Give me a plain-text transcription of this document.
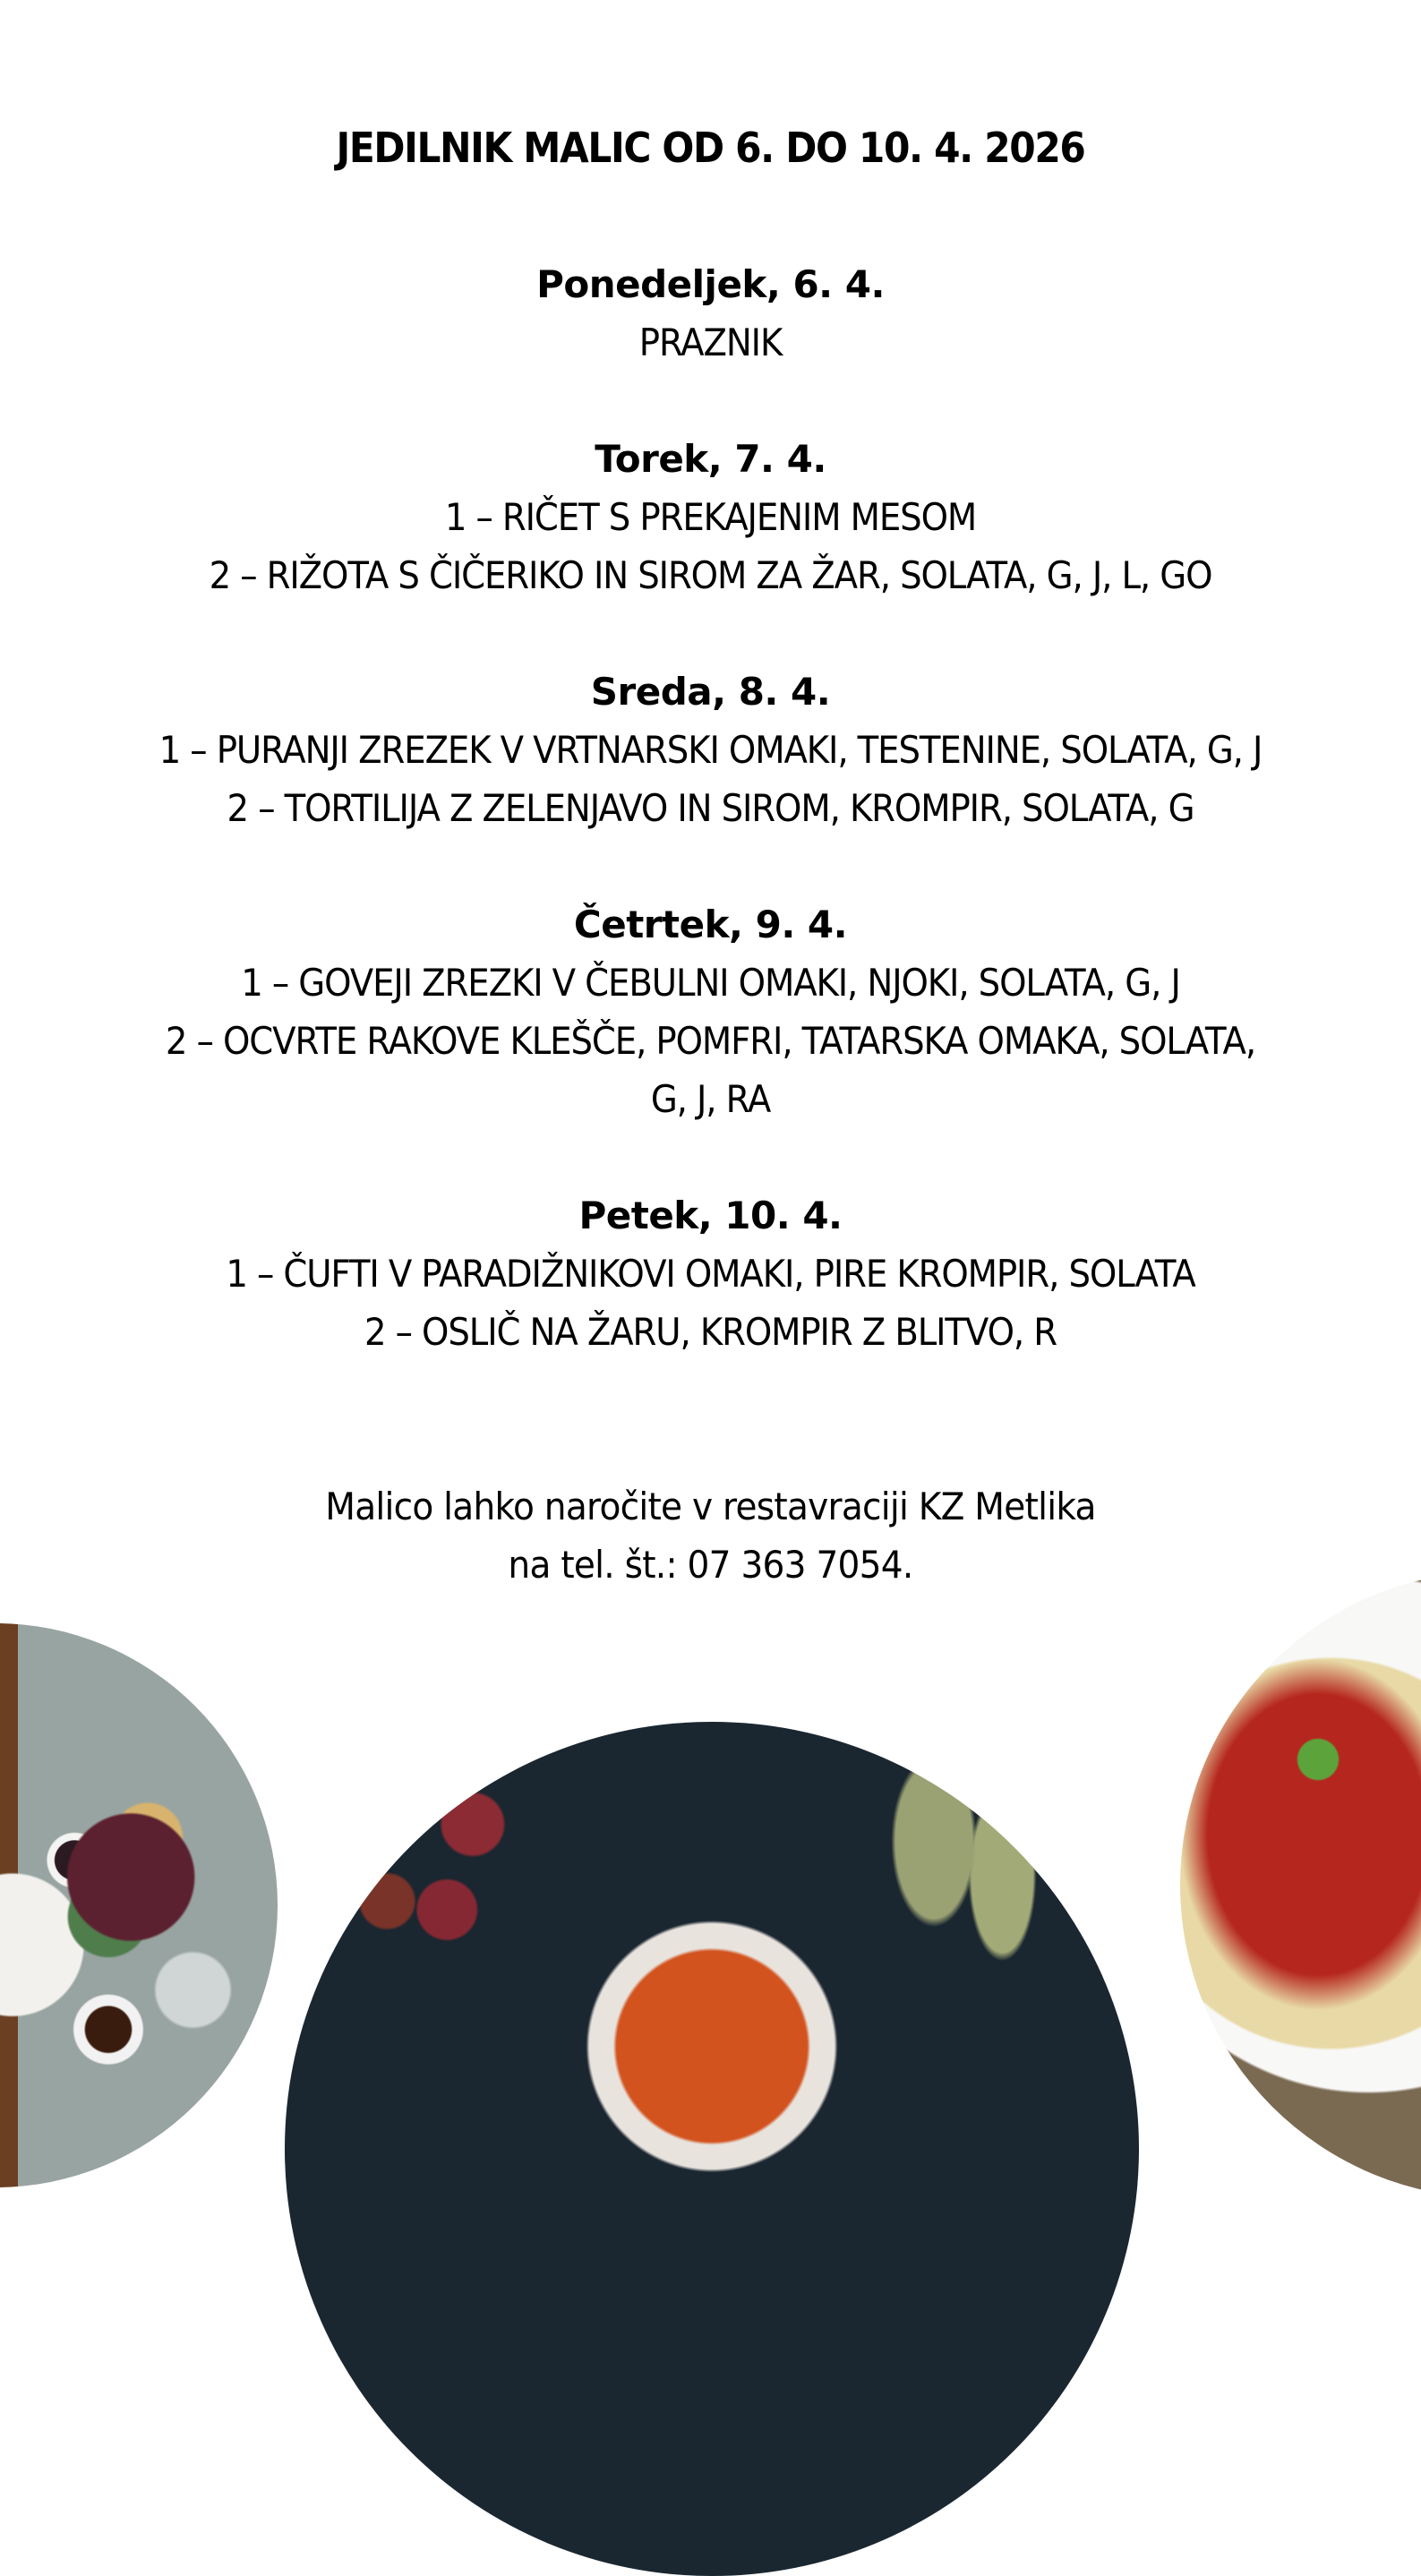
JEDILNIK MALIC OD 6. DO 10. 4. 2026
Ponedeljek, 6. 4.
PRAZNIK
Torek, 7. 4.
1 – RIČET S PREKAJENIM MESOM
2 – RIŽOTA S ČIČERIKO IN SIROM ZA ŽAR, SOLATA, G, J, L, GO
Sreda, 8. 4.
1 – PURANJI ZREZEK V VRTNARSKI OMAKI, TESTENINE, SOLATA, G, J
2 – TORTILIJA Z ZELENJAVO IN SIROM, KROMPIR, SOLATA, G
Četrtek, 9. 4.
1 – GOVEJI ZREZKI V ČEBULNI OMAKI, NJOKI, SOLATA, G, J
2 – OCVRTE RAKOVE KLEŠČE, POMFRI, TATARSKA OMAKA, SOLATA,
G, J, RA
Petek, 10. 4.
1 – ČUFTI V PARADIŽNIKOVI OMAKI, PIRE KROMPIR, SOLATA
2 – OSLIČ NA ŽARU, KROMPIR Z BLITVO, R
Malico lahko naročite v restavraciji KZ Metlika
na tel. št.: 07 363 7054.
